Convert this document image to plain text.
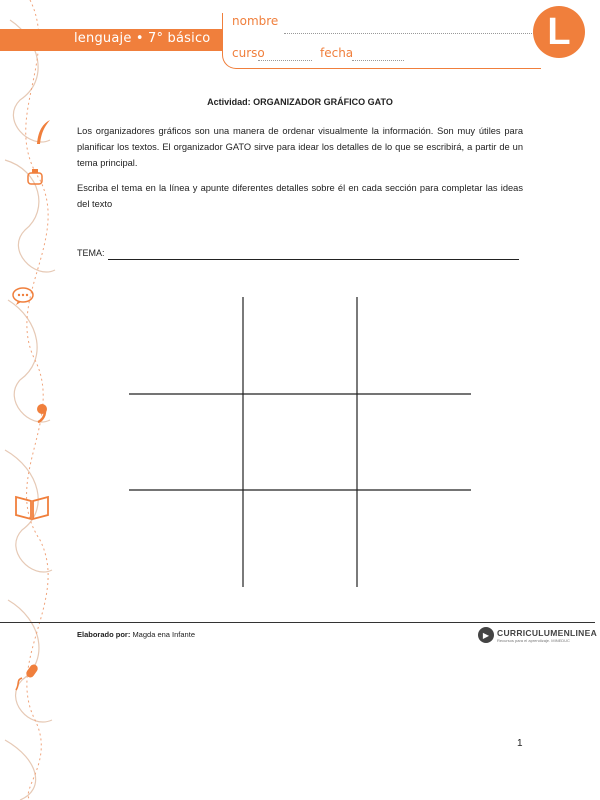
lenguaje • 7° básico
nombre
curso	fecha
L
Actividad: ORGANIZADOR GRÁFICO GATO
Los organizadores gráficos son una manera de ordenar visualmente la información. Son muy útiles para planificar los textos. El organizador GATO sirve para idear los detalles de lo que se escribirá, a partir de un tema principal.
Escriba el tema en la línea y apunte diferentes detalles sobre él en cada sección para completar las ideas del texto
TEMA:
Elaborado por: Magda ena Infante	▶ CURRICULUMENLINEA
Recursos para el aprendizaje. MINEDUC
1
